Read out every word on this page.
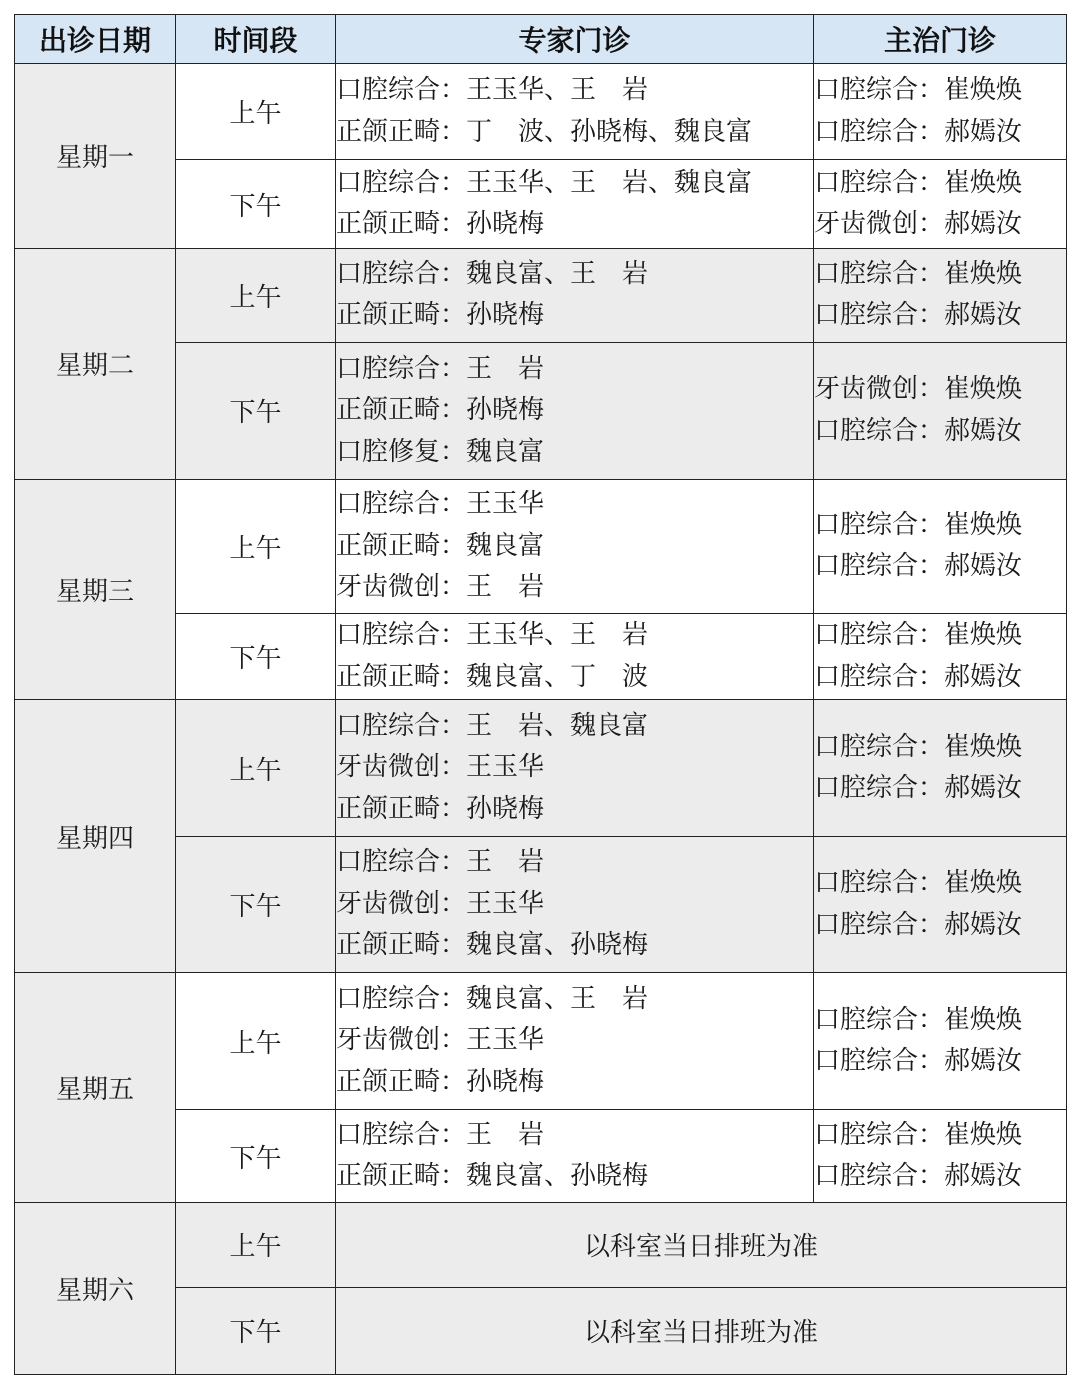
出诊日期	时间段	专家门诊	主治门诊
星期一	上午	口腔综合：王玉华、王　岩
正颌正畸：丁　波、孙晓梅、魏良富	口腔综合：崔焕焕
口腔综合：郝嫣汝

	下午	口腔综合：王玉华、王　岩、魏良富
正颌正畸：孙晓梅	口腔综合：崔焕焕
牙齿微创：郝嫣汝

星期二	上午	口腔综合：魏良富、王　岩
正颌正畸：孙晓梅	口腔综合：崔焕焕
口腔综合：郝嫣汝

	下午	口腔综合：王　岩
正颌正畸：孙晓梅
口腔修复：魏良富	牙齿微创：崔焕焕
口腔综合：郝嫣汝

星期三	上午	口腔综合：王玉华
正颌正畸：魏良富
牙齿微创：王　岩	口腔综合：崔焕焕
口腔综合：郝嫣汝

	下午	口腔综合：王玉华、王　岩
正颌正畸：魏良富、丁　波	口腔综合：崔焕焕
口腔综合：郝嫣汝

星期四	上午	口腔综合：王　岩、魏良富
牙齿微创：王玉华
正颌正畸：孙晓梅	口腔综合：崔焕焕
口腔综合：郝嫣汝

	下午	口腔综合：王　岩
牙齿微创：王玉华
正颌正畸：魏良富、孙晓梅	口腔综合：崔焕焕
口腔综合：郝嫣汝

星期五	上午	口腔综合：魏良富、王　岩
牙齿微创：王玉华
正颌正畸：孙晓梅	口腔综合：崔焕焕
口腔综合：郝嫣汝

	下午	口腔综合：王　岩
正颌正畸：魏良富、孙晓梅	口腔综合：崔焕焕
口腔综合：郝嫣汝

星期六	上午	以科室当日排班为准	
	下午	以科室当日排班为准	
